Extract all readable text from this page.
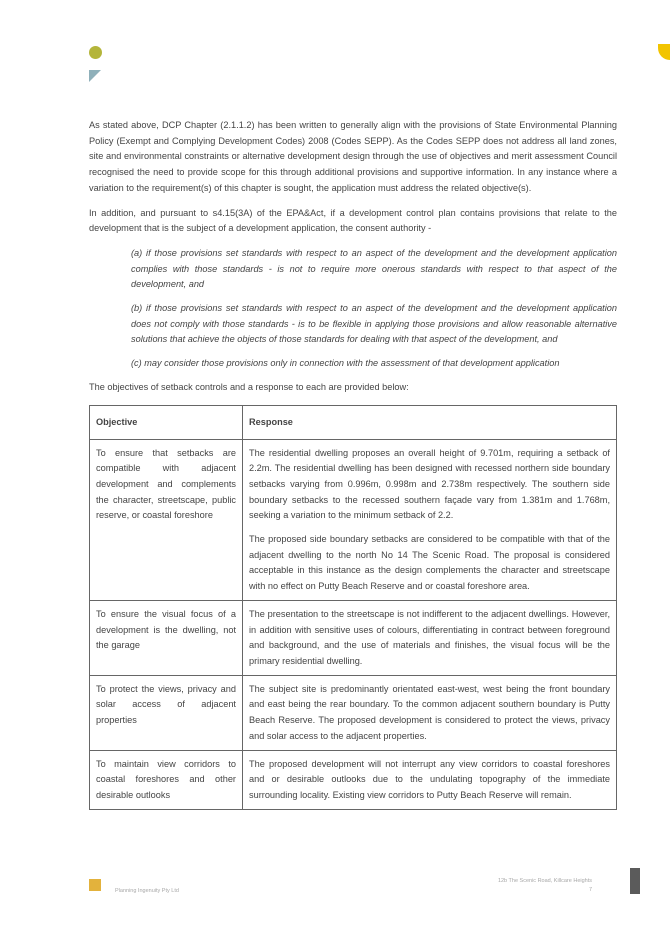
As stated above, DCP Chapter (2.1.1.2) has been written to generally align with the provisions of State Environmental Planning Policy (Exempt and Complying Development Codes) 2008 (Codes SEPP). As the Codes SEPP does not address all land zones, site and environmental constraints or alternative development design through the use of objectives and merit assessment Council recognised the need to provide scope for this through additional provisions and supportive information. In any instance where a variation to the requirement(s) of this chapter is sought, the application must address the related objective(s).

In addition, and pursuant to s4.15(3A) of the EPA&Act, if a development control plan contains provisions that relate to the development that is the subject of a development application, the consent authority -

(a) if those provisions set standards with respect to an aspect of the development and the development application complies with those standards - is not to require more onerous standards with respect to that aspect of the development, and

(b) if those provisions set standards with respect to an aspect of the development and the development application does not comply with those standards - is to be flexible in applying those provisions and allow reasonable alternative solutions that achieve the objects of those standards for dealing with that aspect of the development, and

(c) may consider those provisions only in connection with the assessment of that development application

The objectives of setback controls and a response to each are provided below:

Objective	Response
To ensure that setbacks are compatible with adjacent development and complements the character, streetscape, public reserve, or coastal foreshore	The residential dwelling proposes an overall height of 9.701m, requiring a setback of 2.2m. The residential dwelling has been designed with recessed northern side boundary setbacks varying from 0.996m, 0.998m and 2.738m respectively. The southern side boundary setbacks to the recessed southern façade vary from 1.381m and 1.768m, seeking a variation to the minimum setback of 2.2.

The proposed side boundary setbacks are considered to be compatible with that of the adjacent dwelling to the north No 14 The Scenic Road. The proposal is considered acceptable in this instance as the design complements the character and streetscape with no effect on Putty Beach Reserve and or coastal foreshore area.

To ensure the visual focus of a development is the dwelling, not the garage	The presentation to the streetscape is not indifferent to the adjacent dwellings. However, in addition with sensitive uses of colours, differentiating in contract between foreground and background, and the use of materials and finishes, the visual focus will be the primary residential dwelling.

To protect the views, privacy and solar access of adjacent properties	The subject site is predominantly orientated east-west, west being the front boundary and east being the rear boundary. To the common adjacent southern boundary is Putty Beach Reserve. The proposed development is considered to protect the views, privacy and solar access to the adjacent properties.

To maintain view corridors to coastal foreshores and other desirable outlooks	The proposed development will not interrupt any view corridors to coastal foreshores and or desirable outlooks due to the undulating topography of the immediate surrounding locality. Existing view corridors to Putty Beach Reserve will remain.

Planning Ingenuity Pty Ltd
12b The Scenic Road, Killcare Heights
7
